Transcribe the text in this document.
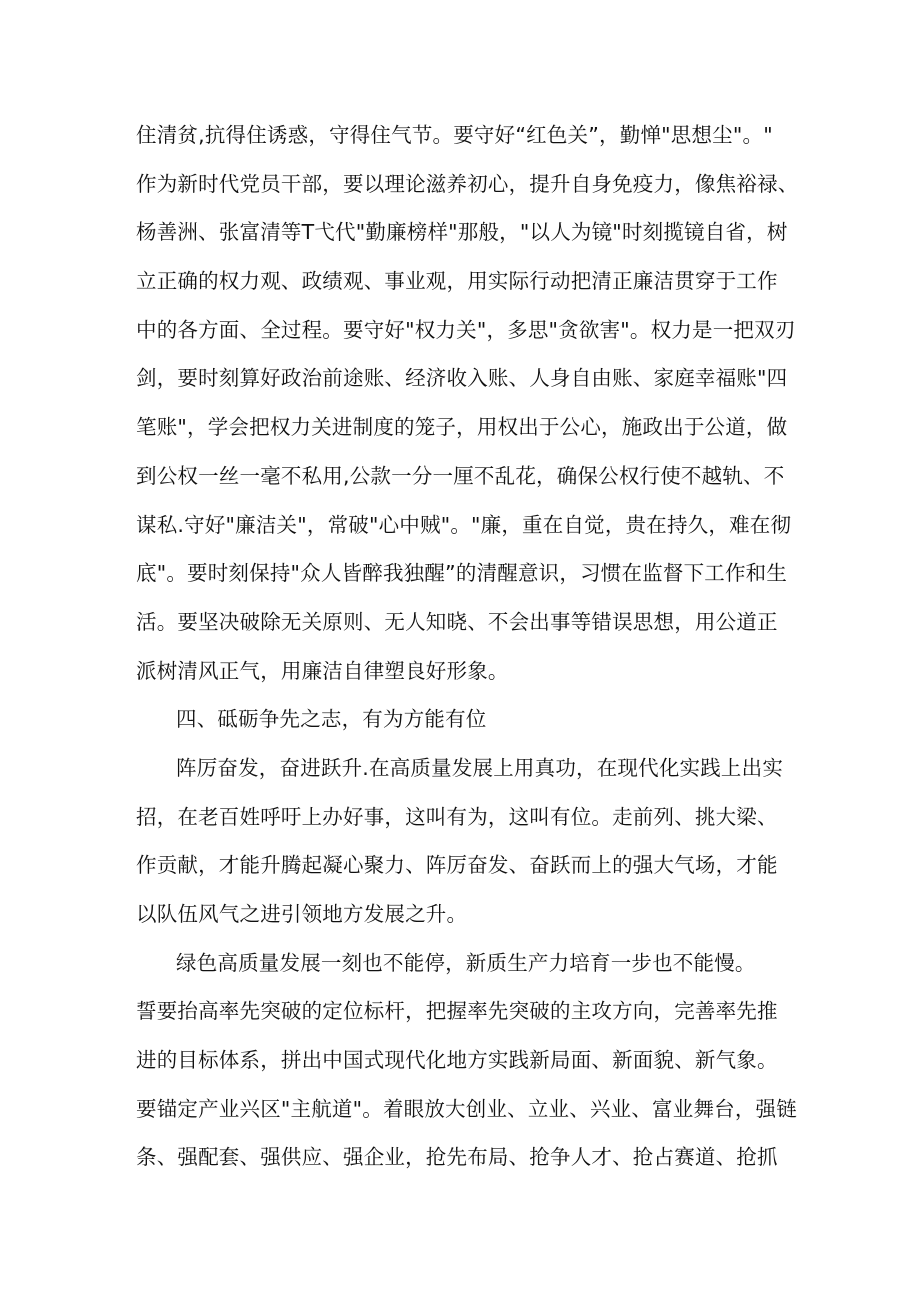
住清贫,抗得住诱惑，守得住气节。要守好“红色关”，勤惮"思想尘"。"
作为新时代党员干部，要以理论滋养初心，提升自身免疫力，像焦裕禄、
杨善洲、张富清等T弋代"勤廉榜样"那般，"以人为镜"时刻揽镜自省，树
立正确的权力观、政绩观、事业观，用实际行动把清正廉洁贯穿于工作
中的各方面、全过程。要守好"权力关"，多思"贪欲害"。权力是一把双刃
剑，要时刻算好政治前途账、经济收入账、人身自由账、家庭幸福账"四
笔账"，学会把权力关进制度的笼子，用权出于公心，施政出于公道，做
到公权一丝一毫不私用,公款一分一厘不乱花，确保公权行使不越轨、不
谋私.守好"廉洁关"，常破"心中贼"。"廉，重在自觉，贵在持久，难在彻
底"。要时刻保持"众人皆醉我独醒”的清醒意识，习惯在监督下工作和生
活。要坚决破除无关原则、无人知晓、不会出事等错误思想，用公道正
派树清风正气，用廉洁自律塑良好形象。
四、砥砺争先之志，有为方能有位
阵厉奋发，奋进跃升.在高质量发展上用真功，在现代化实践上出实
招，在老百姓呼吁上办好事，这叫有为，这叫有位。走前列、挑大梁、
作贡献，才能升腾起凝心聚力、阵厉奋发、奋跃而上的强大气场，才能
以队伍风气之进引领地方发展之升。
绿色高质量发展一刻也不能停，新质生产力培育一步也不能慢。
誓要抬高率先突破的定位标杆，把握率先突破的主攻方向，完善率先推
进的目标体系，拼出中国式现代化地方实践新局面、新面貌、新气象。
要锚定产业兴区"主航道"。着眼放大创业、立业、兴业、富业舞台，强链
条、强配套、强供应、强企业，抢先布局、抢争人才、抢占赛道、抢抓
